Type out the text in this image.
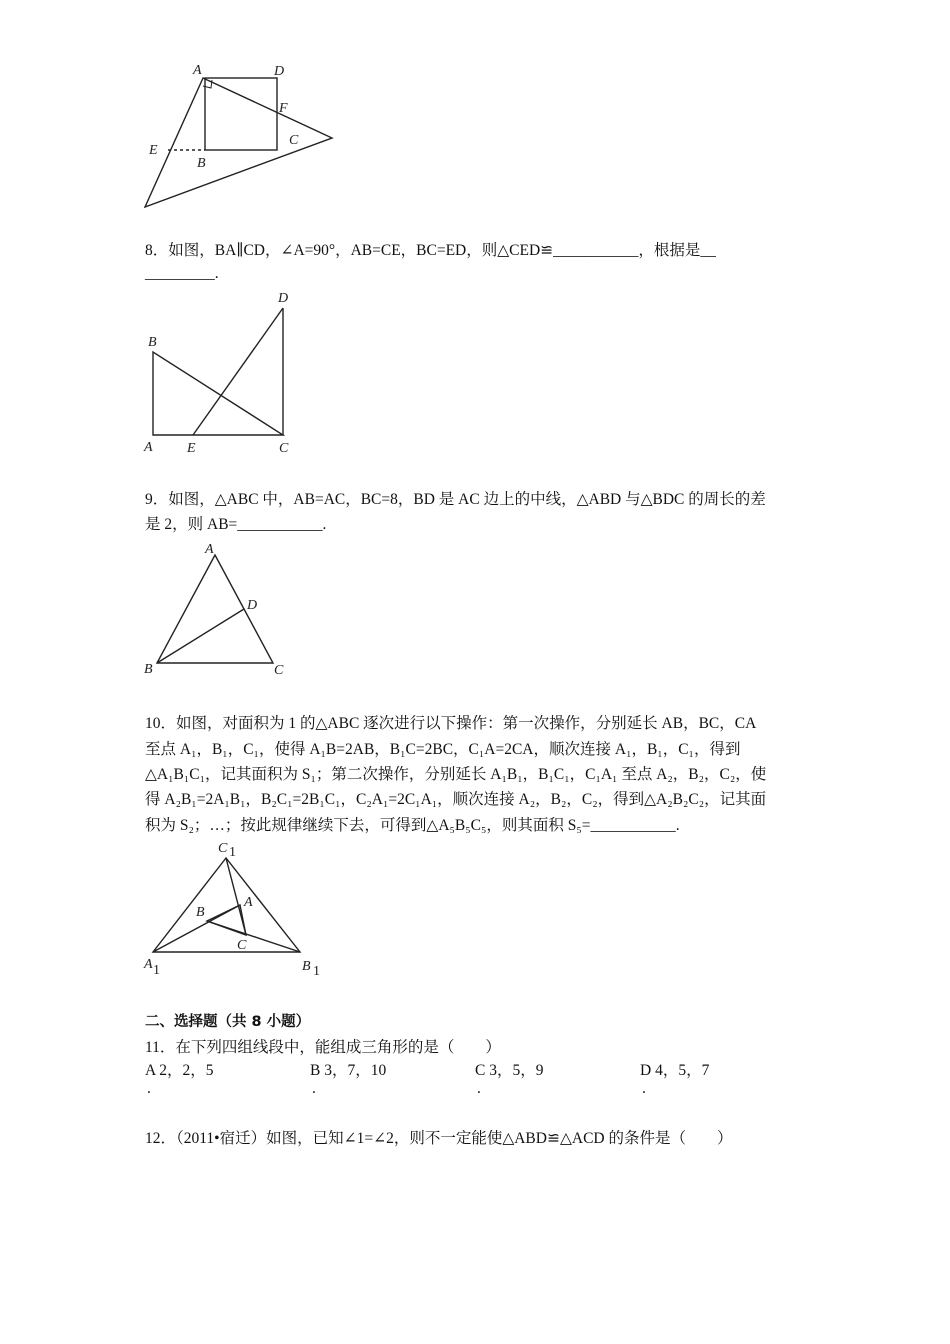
A	D
F
C
E
B
B
D
A E	C
A
D
B	C
C 1
A 1	B 1
A
B
C
8．如图，BA∥CD，∠A=90°，AB=CE，BC=ED，则△CED≌___________，根据是__
_________.
9．如图，△ABC 中，AB=AC，BC=8，BD 是 AC 边上的中线，△ABD 与△BDC 的周长的差
是 2，则 AB=___________.
10．如图，对面积为 1 的△ABC 逐次进行以下操作：第一次操作，分别延长 AB，BC，CA
至点 A₁，B₁，C₁，使得 A₁B=2AB，B₁C=2BC，C₁A=2CA，顺次连接 A₁，B₁，C₁，得到
△A₁B₁C₁，记其面积为 S₁；第二次操作，分别延长 A₁B₁，B₁C₁，C₁A₁ 至点 A₂，B₂，C₂，使
得 A₂B₁=2A₁B₁，B₂C₁=2B₁C₁，C₂A₁=2C₁A₁，顺次连接 A₂，B₂，C₂，得到△A₂B₂C₂，记其面
积为 S₂；…；按此规律继续下去，可得到△A₅B₅C₅，则其面积 S₅=___________.
二、选择题（共 8 小题）
11．在下列四组线段中，能组成三角形的是（　　）
A 2，2，5	B 3，7，10	C 3，5，9	D 4，5，7
.	.	.	.
12．（2011•宿迁）如图，已知∠1=∠2，则不一定能使△ABD≌△ACD 的条件是（　　）
